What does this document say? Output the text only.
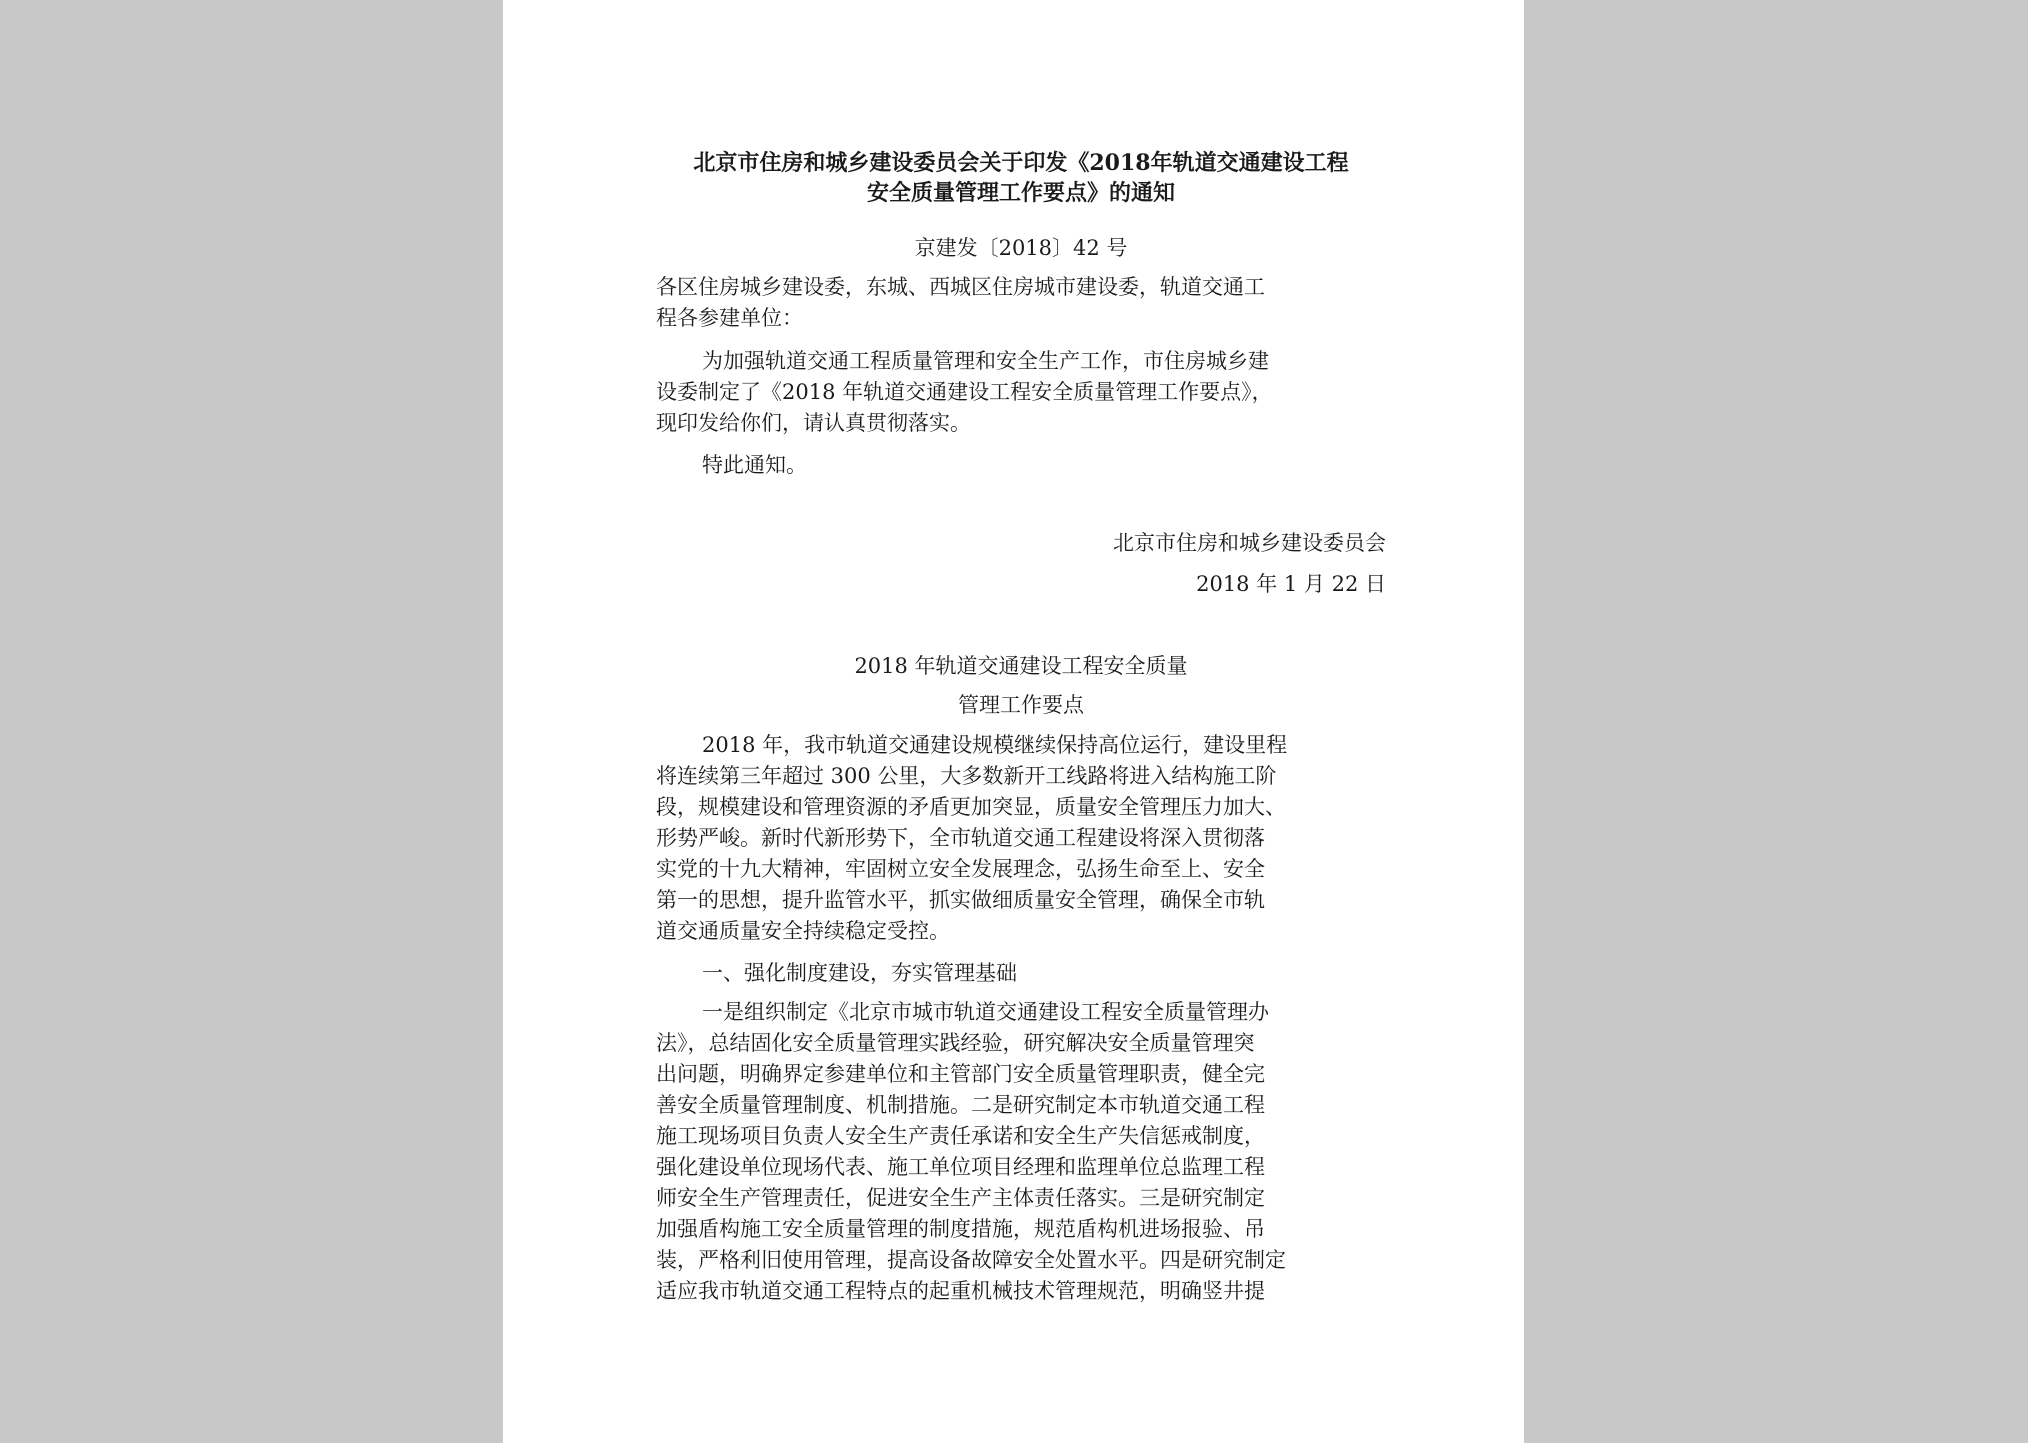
北京市住房和城乡建设委员会关于印发《2018年轨道交通建设工程
安全质量管理工作要点》的通知
京建发〔2018〕42 号
各区住房城乡建设委，东城、西城区住房城市建设委，轨道交通工
程各参建单位：
为加强轨道交通工程质量管理和安全生产工作，市住房城乡建
设委制定了《2018 年轨道交通建设工程安全质量管理工作要点》，
现印发给你们，请认真贯彻落实。
特此通知。
北京市住房和城乡建设委员会
2018 年 1 月 22 日
2018 年轨道交通建设工程安全质量
管理工作要点
2018 年，我市轨道交通建设规模继续保持高位运行，建设里程
将连续第三年超过 300 公里，大多数新开工线路将进入结构施工阶
段，规模建设和管理资源的矛盾更加突显，质量安全管理压力加大、
形势严峻。新时代新形势下，全市轨道交通工程建设将深入贯彻落
实党的十九大精神，牢固树立安全发展理念，弘扬生命至上、安全
第一的思想，提升监管水平，抓实做细质量安全管理，确保全市轨
道交通质量安全持续稳定受控。
一、强化制度建设，夯实管理基础
一是组织制定《北京市城市轨道交通建设工程安全质量管理办
法》，总结固化安全质量管理实践经验，研究解决安全质量管理突
出问题，明确界定参建单位和主管部门安全质量管理职责，健全完
善安全质量管理制度、机制措施。二是研究制定本市轨道交通工程
施工现场项目负责人安全生产责任承诺和安全生产失信惩戒制度，
强化建设单位现场代表、施工单位项目经理和监理单位总监理工程
师安全生产管理责任，促进安全生产主体责任落实。三是研究制定
加强盾构施工安全质量管理的制度措施，规范盾构机进场报验、吊
装，严格利旧使用管理，提高设备故障安全处置水平。四是研究制定
适应我市轨道交通工程特点的起重机械技术管理规范，明确竖井提
